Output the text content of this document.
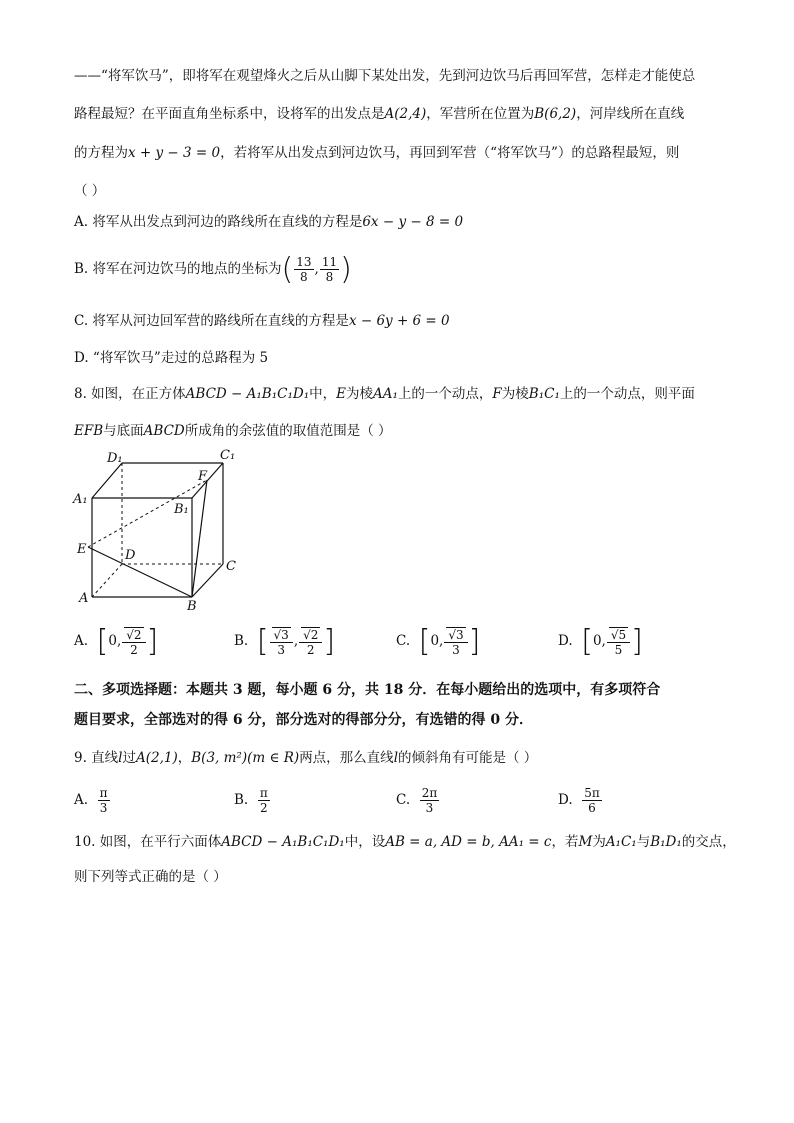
——“将军饮马”，即将军在观望烽火之后从山脚下某处出发，先到河边饮马后再回军营，怎样走才能使总
路程最短？在平面直角坐标系中，设将军的出发点是A(2,4)，军营所在位置为B(6,2)，河岸线所在直线
的方程为x + y − 3 = 0，若将军从出发点到河边饮马，再回到军营（“将军饮马”）的总路程最短，则
（ ）
A. 将军从出发点到河边的路线所在直线的方程是6x − y − 8 = 0
B. 将军在河边饮马的地点的坐标为( $\frac{13}{8}$ , $\frac{11}{8}$ )
C. 将军从河边回军营的路线所在直线的方程是x − 6y + 6 = 0
D. “将军饮马”走过的总路程为 5
8. 如图，在正方体ABCD − A₁B₁C₁D₁中，E为棱AA₁上的一个动点，F为棱B₁C₁上的一个动点，则平面
EFB与底面ABCD所成角的余弦值的取值范围是（ ）
D₁	C₁
A₁
B₁
F
E	D
C
A
B
A. [0, $\frac{√2}{2}$ ]	B. [ $\frac{√3}{3}$ , $\frac{√2}{2}$ ]	C. [0, $\frac{√3}{3}$ ]	D. [0, $\frac{√5}{5}$ ]
二、多项选择题：本题共 3 题，每小题 6 分，共 18 分．在每小题给出的选项中，有多项符合
题目要求，全部选对的得 6 分，部分选对的得部分分，有选错的得 0 分．
9. 直线l过A(2,1)，B(3, m²)(m ∈ R)两点，那么直线l的倾斜角有可能是（ ）
A. $\frac{\pi}{3}$	B. $\frac{\pi}{2}$	C. $\frac{2\pi}{3}$	D. $\frac{5\pi}{6}$
10. 如图，在平行六面体ABCD − A₁B₁C₁D₁中，设AB = a, AD = b, AA₁ = c，若M为A₁C₁与B₁D₁的交点，
则下列等式正确的是（ ）
